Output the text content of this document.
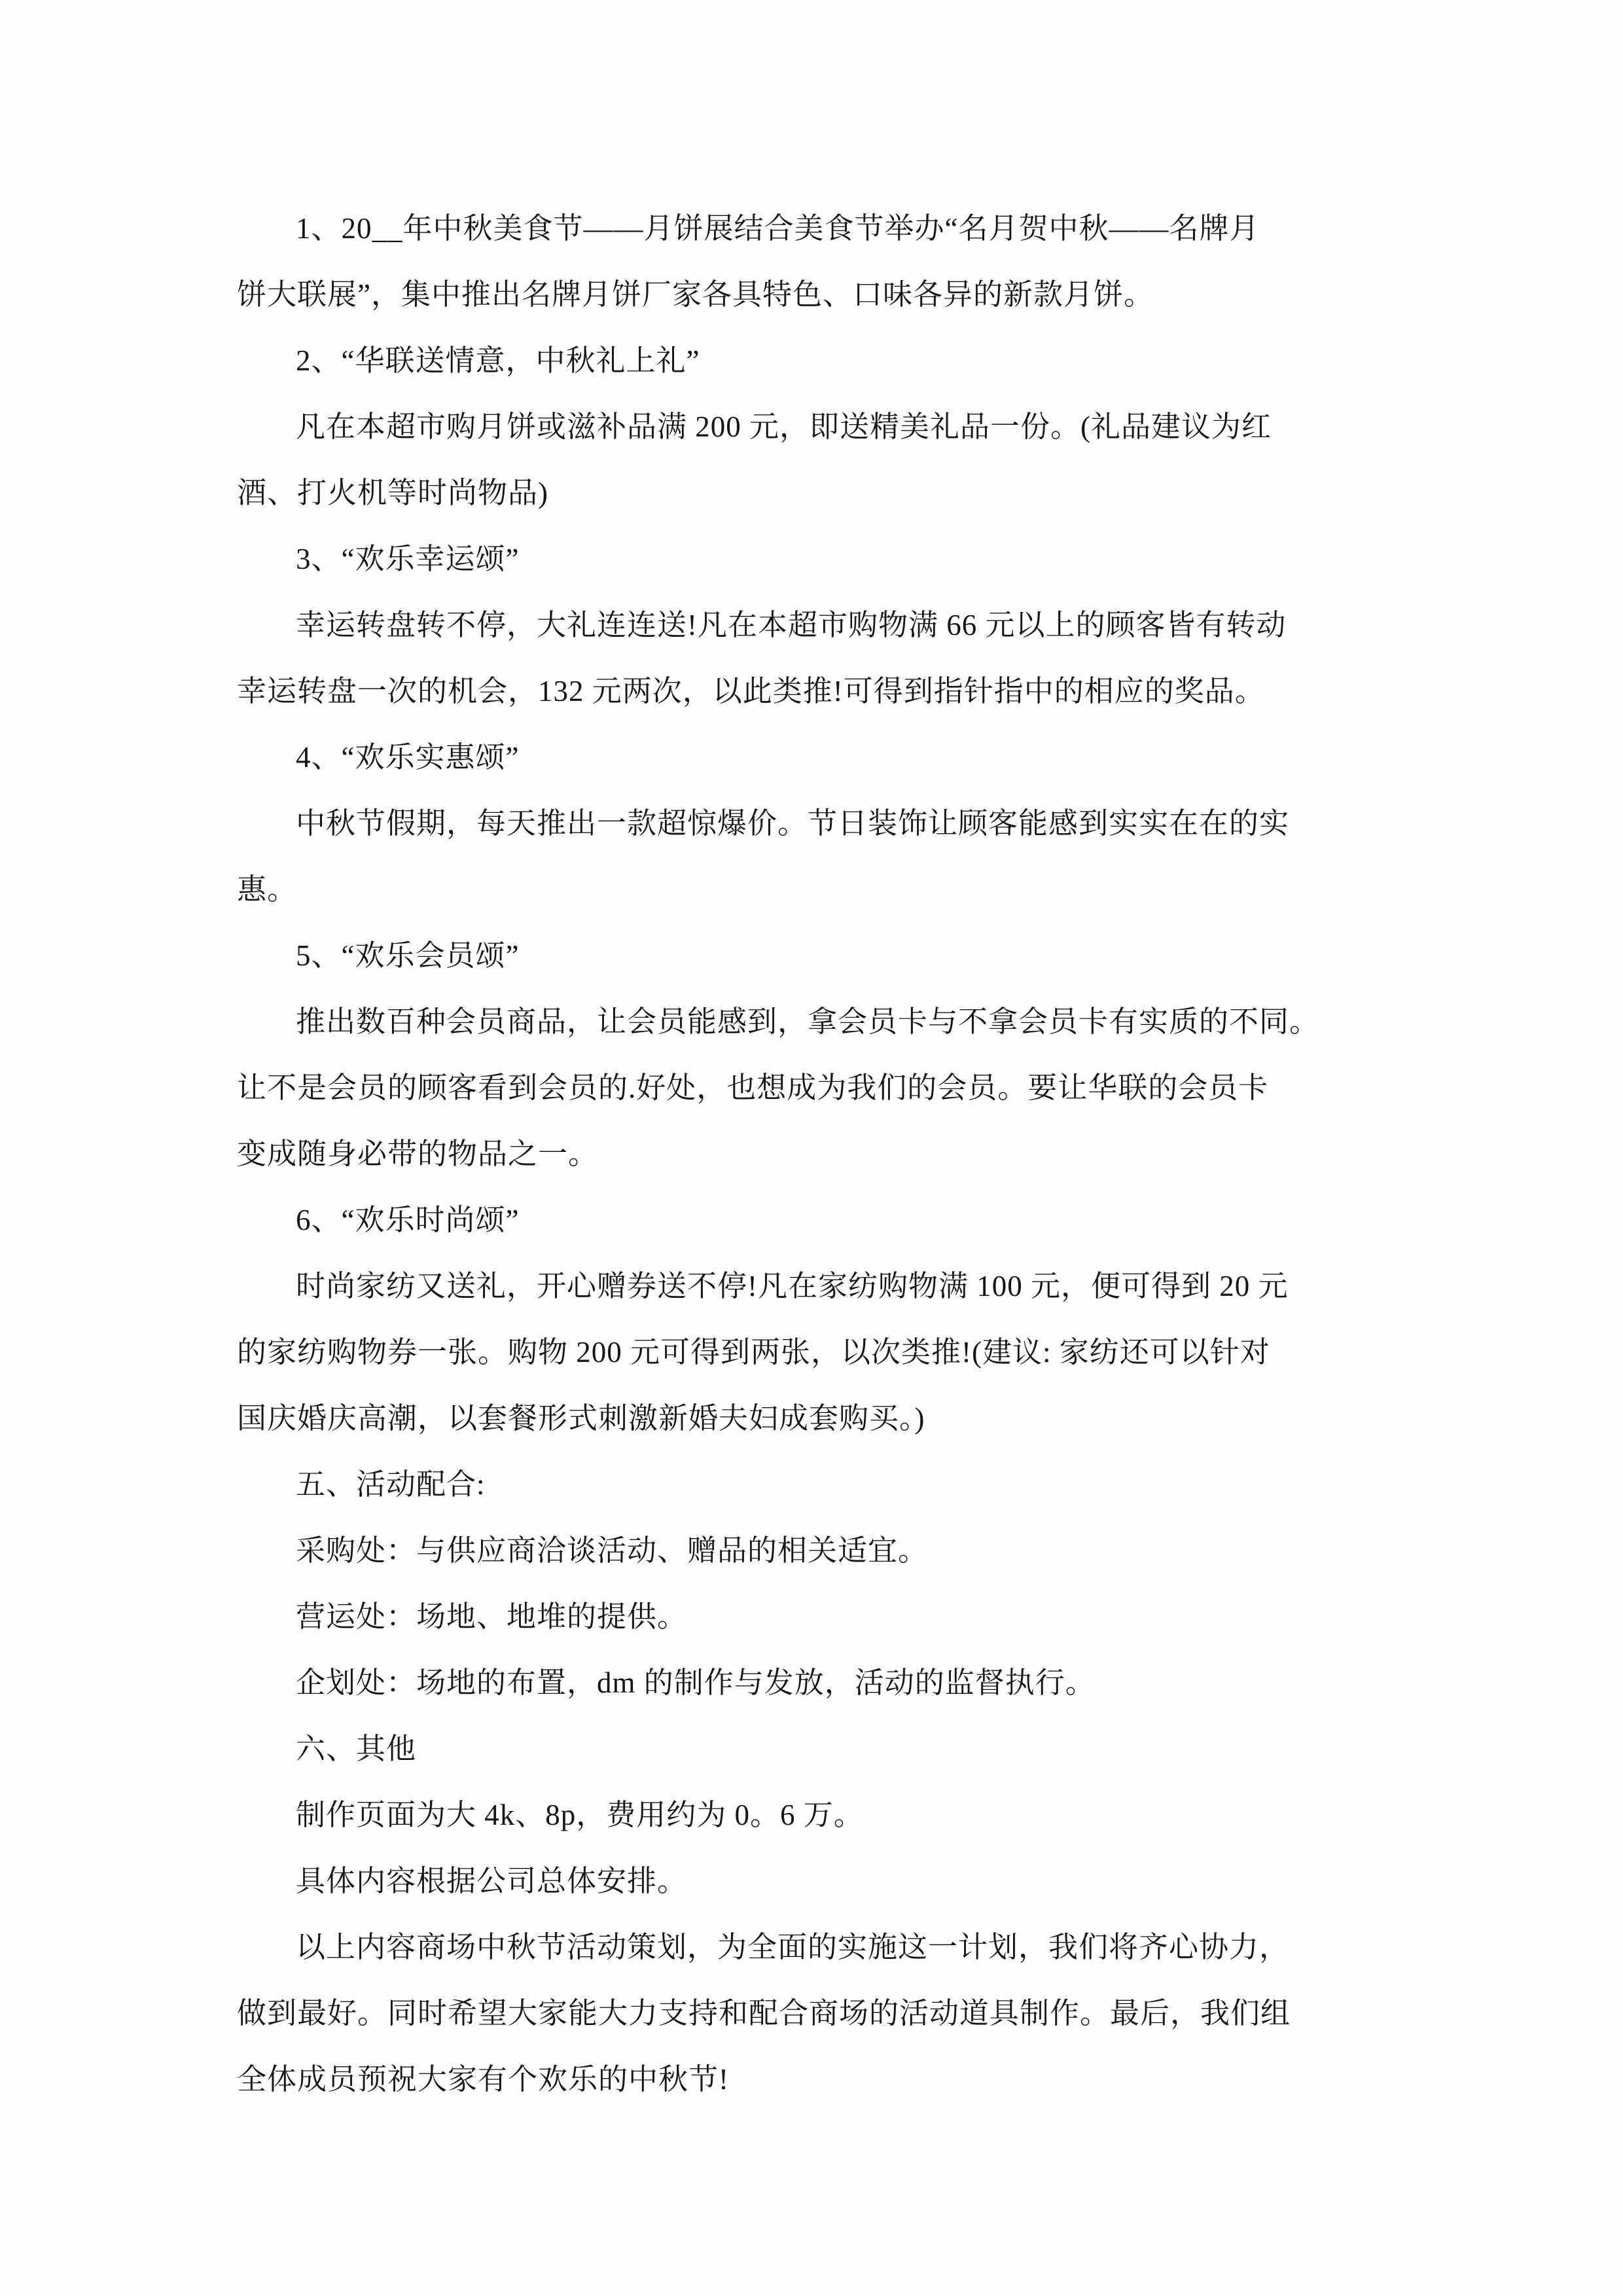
1、20__年中秋美食节——月饼展结合美食节举办“名月贺中秋——名牌月
饼大联展”，集中推出名牌月饼厂家各具特色、口味各异的新款月饼。

2、“华联送情意，中秋礼上礼”

凡在本超市购月饼或滋补品满 200 元，即送精美礼品一份。(礼品建议为红
酒、打火机等时尚物品)

3、“欢乐幸运颂”

幸运转盘转不停，大礼连连送!凡在本超市购物满 66 元以上的顾客皆有转动
幸运转盘一次的机会，132 元两次，以此类推!可得到指针指中的相应的奖品。

4、“欢乐实惠颂”

中秋节假期，每天推出一款超惊爆价。节日装饰让顾客能感到实实在在的实
惠。

5、“欢乐会员颂”

推出数百种会员商品，让会员能感到，拿会员卡与不拿会员卡有实质的不同。
让不是会员的顾客看到会员的.好处，也想成为我们的会员。要让华联的会员卡
变成随身必带的物品之一。

6、“欢乐时尚颂”

时尚家纺又送礼，开心赠券送不停!凡在家纺购物满 100 元，便可得到 20 元
的家纺购物券一张。购物 200 元可得到两张，以次类推!(建议: 家纺还可以针对
国庆婚庆高潮，以套餐形式刺激新婚夫妇成套购买。)

五、活动配合:

采购处：与供应商洽谈活动、赠品的相关适宜。

营运处：场地、地堆的提供。

企划处：场地的布置，dm 的制作与发放，活动的监督执行。

六、其他

制作页面为大 4k、8p，费用约为 0。6 万。

具体内容根据公司总体安排。

以上内容商场中秋节活动策划，为全面的实施这一计划，我们将齐心协力，
做到最好。同时希望大家能大力支持和配合商场的活动道具制作。最后，我们组
全体成员预祝大家有个欢乐的中秋节!
